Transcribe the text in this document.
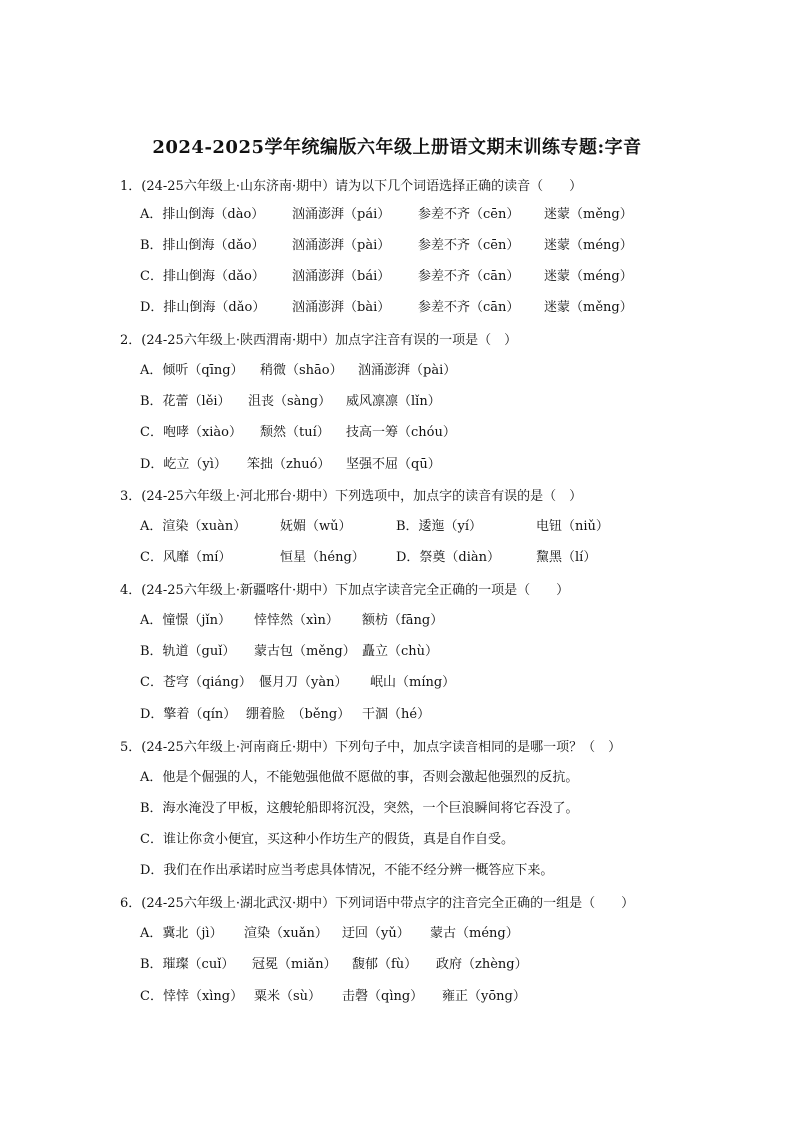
2024-2025学年统编版六年级上册语文期末训练专题:字音
1．(24-25六年级上·山东济南·期中）请为以下几个词语选择正确的读音（　　）
A．排山倒海（dào） 汹涌澎湃（pái） 参差不齐（cēn） 迷蒙（měng）
B．排山倒海（dǎo） 汹涌澎湃（pài） 参差不齐（cēn） 迷蒙（méng）
C．排山倒海（dǎo） 汹涌澎湃（bái） 参差不齐（cān） 迷蒙（méng）
D．排山倒海（dǎo） 汹涌澎湃（bài） 参差不齐（cān） 迷蒙（měng）
2．(24-25六年级上·陕西渭南·期中）加点字注音有误的一项是（　）
A．倾听（qīng） 稍微（shāo） 汹涌澎湃（pài）
B．花蕾（lěi） 沮丧（sàng） 威风凛凛（lǐn）
C．咆哮（xiào） 颓然（tuí） 技高一筹（chóu）
D．屹立（yì） 笨拙（zhuó） 坚强不屈（qū）
3．(24-25六年级上·河北邢台·期中）下列选项中，加点字的读音有误的是（　）
A．渲染（xuàn）	妩媚（wǔ）	B．逶迤（yí）	电钮（niǔ）
C．风靡（mí）	恒星（héng） D．祭奠（diàn）	黧黑（lí）
4．(24-25六年级上·新疆喀什·期中）下加点字读音完全正确的一项是（　　）
A．憧憬（jǐn） 悻悻然（xìn） 额枋（fāng）
B．轨道（guǐ） 蒙古包（měng） 矗立（chù）
C．苍穹（qiáng） 偃月刀（yàn） 岷山（míng）
D．擎着（qín） 绷着脸　（běng） 干涸（hé）
5．(24-25六年级上·河南商丘·期中）下列句子中，加点字读音相同的是哪一项？（　）
A．他是个倔强的人，不能勉强他做不愿做的事，否则会激起他强烈的反抗。
B．海水淹没了甲板，这艘轮船即将沉没，突然，一个巨浪瞬间将它吞没了。
C．谁让你贪小便宜，买这种小作坊生产的假货，真是自作自受。
D．我们在作出承诺时应当考虑具体情况，不能不经分辨一概答应下来。
6．(24-25六年级上·湖北武汉·期中）下列词语中带点字的注音完全正确的一组是（　　）
A．冀北（jì） 渲染（xuǎn） 迂回（yǔ） 蒙古（méng）
B．璀璨（cuǐ） 冠冕（miǎn） 馥郁（fù） 政府（zhèng）
C．悻悻（xìng） 粟米（sù） 击磬（qìng） 雍正（yōng）
